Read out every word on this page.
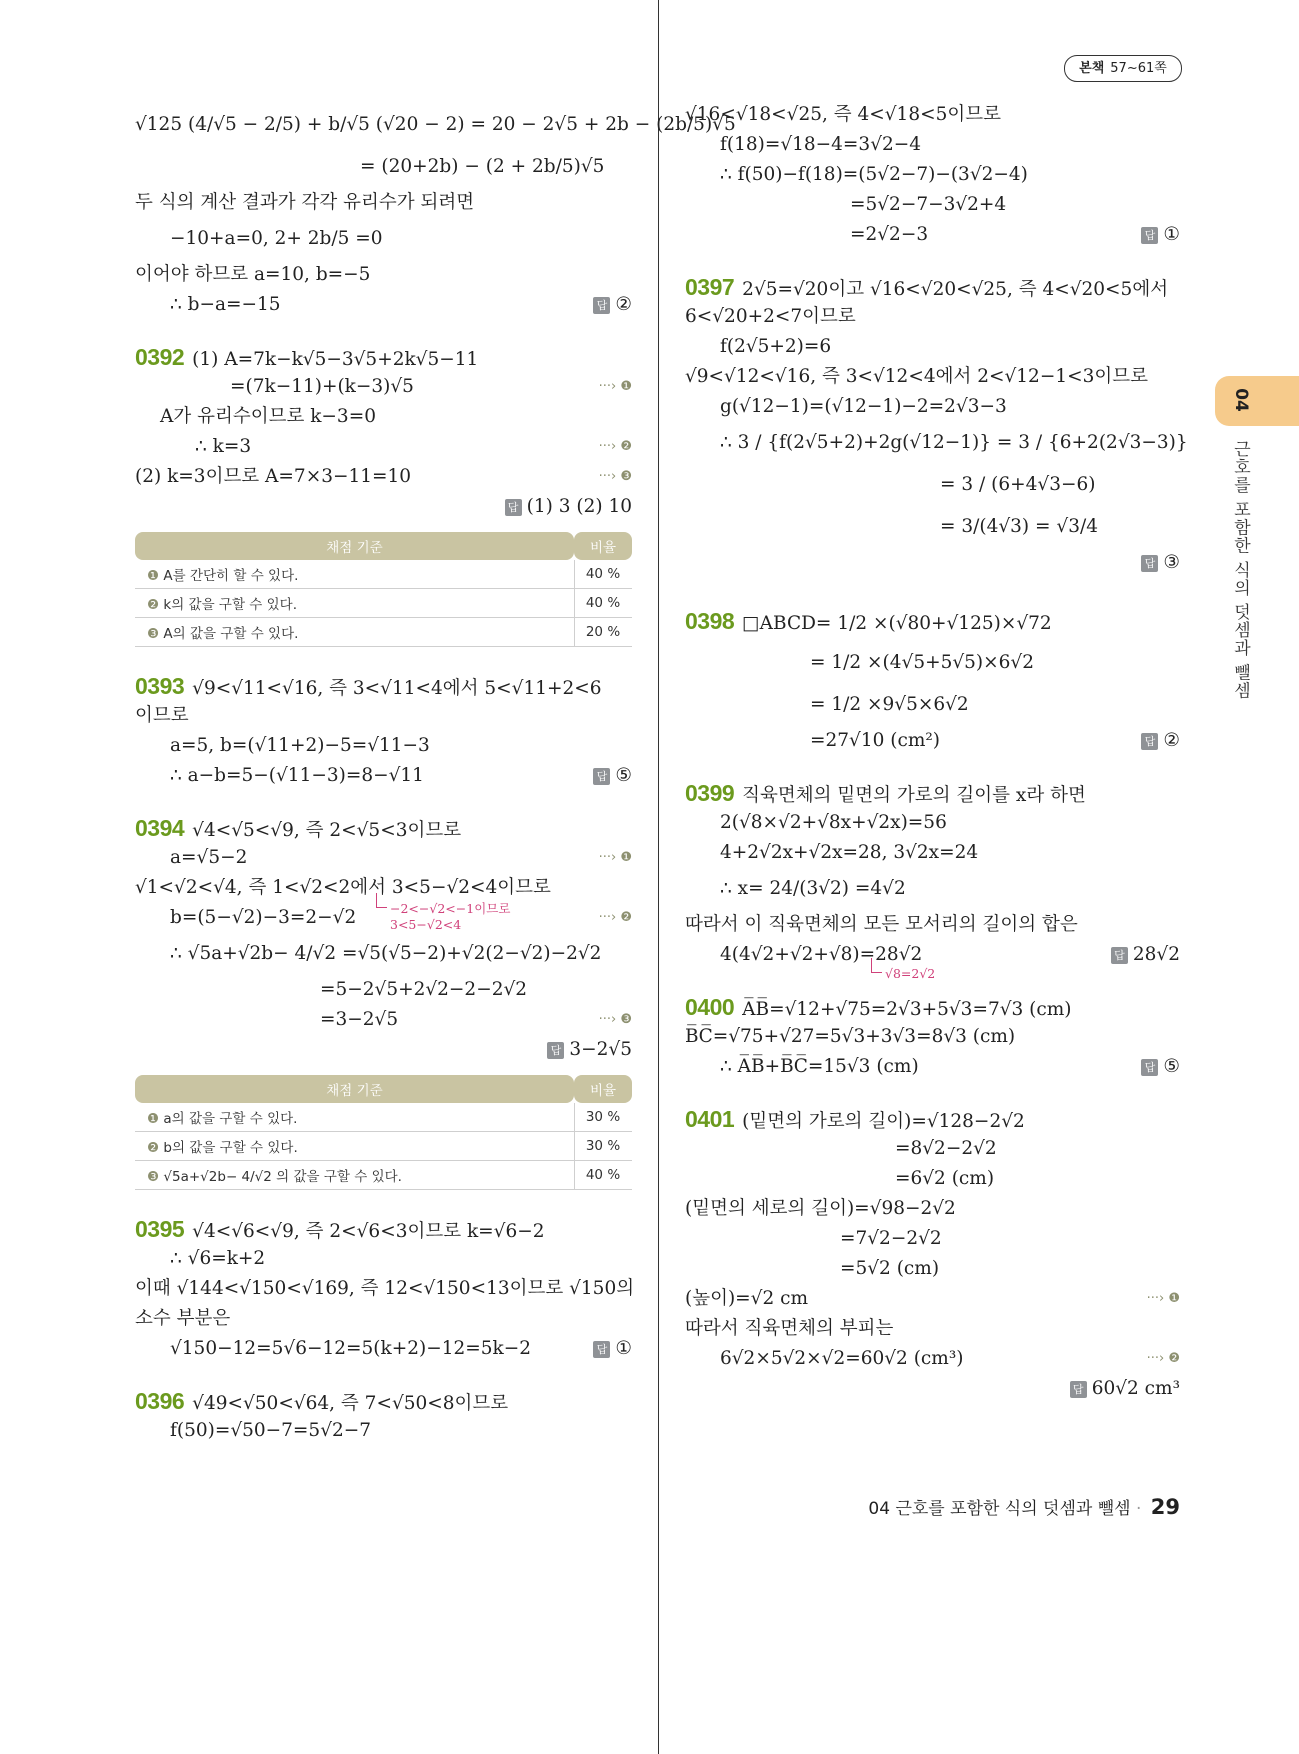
본책 57~61쪽
04
근호를 포함한 식의 덧셈과 뺄셈
√125 (4/√5 − 2/5) + b/√5 (√20 − 2) = 20 − 2√5 + 2b − (2b/5)√5
= (20+2b) − (2 + 2b/5)√5
두 식의 계산 결과가 각각 유리수가 되려면
−10+a=0, 2+ 2b/5 =0
이어야 하므로 a=10, b=−5
∴ b−a=−15	답 ②
0392 (1) A=7k−k√5−3√5+2k√5−11
=(7k−11)+(k−3)√5	···› ❶
A가 유리수이므로 k−3=0
∴ k=3	···› ❷
(2) k=3이므로 A=7×3−11=10	···› ❸
답 (1) 3 (2) 10
채점 기준	비율
❶ A를 간단히 할 수 있다.	40 %
❷ k의 값을 구할 수 있다.	40 %
❸ A의 값을 구할 수 있다.	20 %
0393 √9<√11<√16, 즉 3<√11<4에서 5<√11+2<6
이므로
a=5, b=(√11+2)−5=√11−3
∴ a−b=5−(√11−3)=8−√11	답 ⑤
0394 √4<√5<√9, 즉 2<√5<3이므로
a=√5−2	···› ❶
√1<√2<√4, 즉 1<√2<2에서 3<5−√2<4이므로
−2<−√2<−1이므로
3<5−√2<4
b=(5−√2)−3=2−√2	···› ❷
∴ √5a+√2b− 4/√2 =√5(√5−2)+√2(2−√2)−2√2
=5−2√5+2√2−2−2√2
=3−2√5	···› ❸
답 3−2√5
채점 기준	비율
❶ a의 값을 구할 수 있다.	30 %
❷ b의 값을 구할 수 있다.	30 %
❸ √5a+√2b− 4/√2 의 값을 구할 수 있다.	40 %
0395 √4<√6<√9, 즉 2<√6<3이므로 k=√6−2
∴ √6=k+2
이때 √144<√150<√169, 즉 12<√150<13이므로 √150의
소수 부분은
√150−12=5√6−12=5(k+2)−12=5k−2	답 ①
0396 √49<√50<√64, 즉 7<√50<8이므로
f(50)=√50−7=5√2−7
√16<√18<√25, 즉 4<√18<5이므로
f(18)=√18−4=3√2−4
∴ f(50)−f(18)=(5√2−7)−(3√2−4)
=5√2−7−3√2+4
=2√2−3	답 ①
0397 2√5=√20이고 √16<√20<√25, 즉 4<√20<5에서
6<√20+2<7이므로
f(2√5+2)=6
√9<√12<√16, 즉 3<√12<4에서 2<√12−1<3이므로
g(√12−1)=(√12−1)−2=2√3−3
∴ 3 / {f(2√5+2)+2g(√12−1)} = 3 / {6+2(2√3−3)}
= 3 / (6+4√3−6)
= 3/(4√3) = √3/4
답 ③
0398 □ABCD= 1/2 ×(√80+√125)×√72
= 1/2 ×(4√5+5√5)×6√2
= 1/2 ×9√5×6√2
=27√10 (cm²)	답 ②
0399 직육면체의 밑면의 가로의 길이를 x라 하면
2(√8×√2+√8x+√2x)=56
4+2√2x+√2x=28, 3√2x=24
∴ x= 24/(3√2) =4√2
따라서 이 직육면체의 모든 모서리의 길이의 합은
4(4√2+√2+√8)=28√2	답 28√2
√8=2√2
0400 A̅B̅=√12+√75=2√3+5√3=7√3 (cm)
B̅C̅=√75+√27=5√3+3√3=8√3 (cm)
∴ A̅B̅+B̅C̅=15√3 (cm)	답 ⑤
0401 (밑면의 가로의 길이)=√128−2√2
=8√2−2√2
=6√2 (cm)
(밑면의 세로의 길이)=√98−2√2
=7√2−2√2
=5√2 (cm)
(높이)=√2 cm	···› ❶
따라서 직육면체의 부피는
6√2×5√2×√2=60√2 (cm³)	···› ❷
답 60√2 cm³
04 근호를 포함한 식의 덧셈과 뺄셈 · 29
